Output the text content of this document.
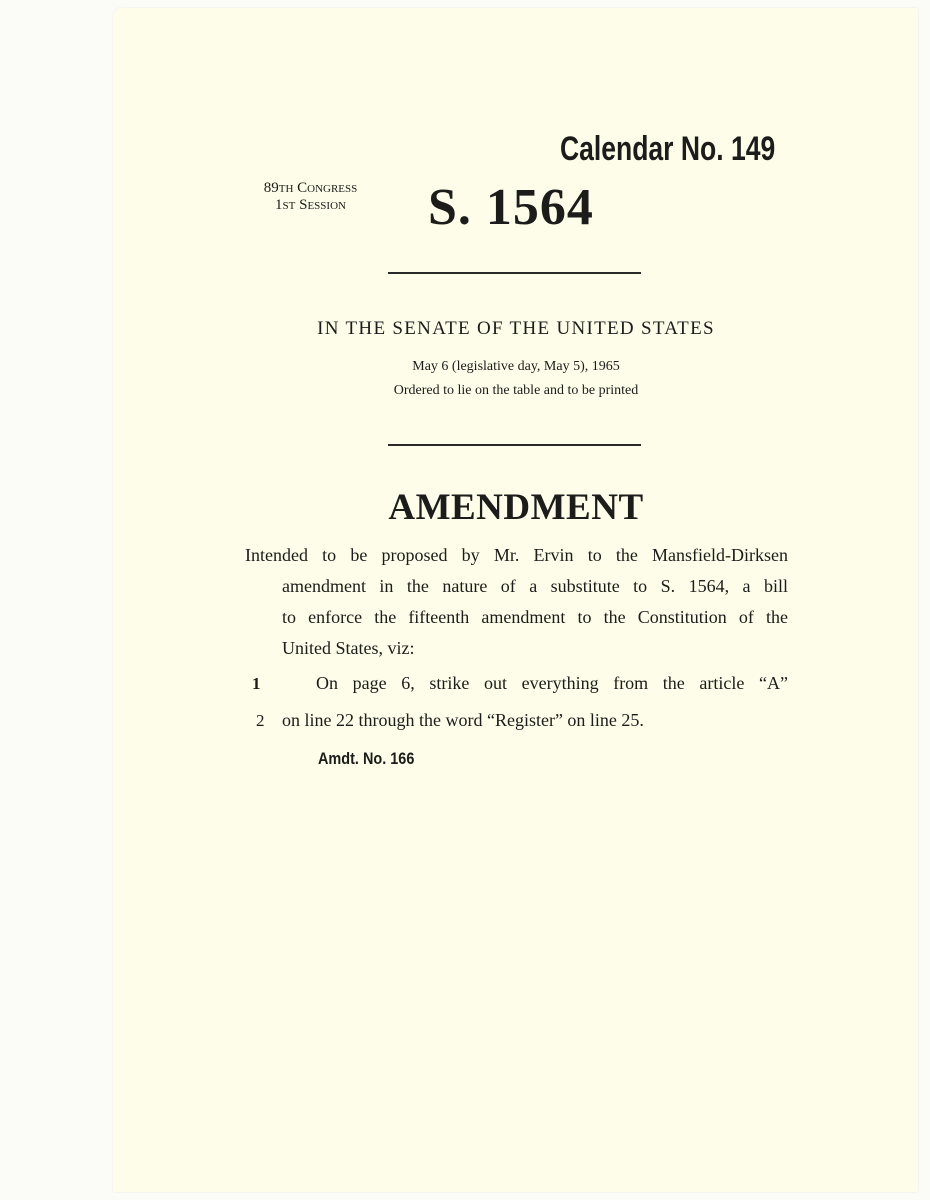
Calendar No. 149
89th Congress
1st Session	S. 1564
IN THE SENATE OF THE UNITED STATES
May 6 (legislative day, May 5), 1965
Ordered to lie on the table and to be printed
AMENDMENT
Intended to be proposed by Mr. Ervin to the Mansfield-Dirksen
amendment in the nature of a substitute to S. 1564, a bill
to enforce the fifteenth amendment to the Constitution of the
United States, viz:
1	On page 6, strike out everything from the article “A”
2 on line 22 through the word “Register” on line 25.
Amdt. No. 166
